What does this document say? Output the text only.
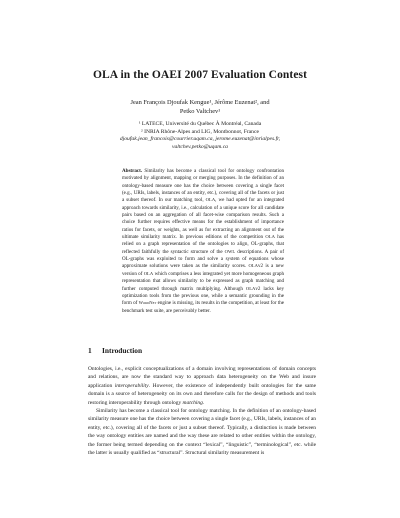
OLA in the OAEI 2007 Evaluation Contest
Jean François Djoufak Kengue¹, Jérôme Euzenat², and
Petko Valtchev¹
¹ LATECE, Université du Québec À Montréal, Canada
² INRIA Rhône-Alpes and LIG, Montbonnot, France
djoufak.jean_francois@courrier.uqam.ca, jerome.euzenat@inrialpes.fr,
valtchev.petko@uqam.ca
Abstract. Similarity has become a classical tool for ontology confrontation motivated by alignment, mapping or merging purposes. In the definition of an ontology-based measure one has the choice between covering a single facet (e.g., URIs, labels, instances of an entity, etc.), covering all of the facets or just a subset thereof. In our matching tool, OLA, we had opted for an integrated approach towards similarity, i.e., calculation of a unique score for all candidate pairs based on an aggregation of all facet-wise comparison results. Such a choice further requires effective means for the establishment of importance ratios for facets, or weights, as well as for extracting an alignment out of the ultimate similarity matrix. In previous editions of the competition OLA has relied on a graph representation of the ontologies to align, OL-graphs, that reflected faithfully the syntactic structure of the OWL descriptions. A pair of OL-graphs was exploited to form and solve a system of equations whose approximate solutions were taken as the similarity scores. OLAv2 is a new version of OLA which comprises a less integrated yet more homogeneous graph representation that allows similarity to be expressed as graph matching and further computed through matrix multiplying. Although OLAv2 lacks key optimization tools from the previous one, while a semantic grounding in the form of WordNet engine is missing, its results in the competition, at least for the benchmark test suite, are perceivably better.
1 Introduction

Ontologies, i.e., explicit conceptualizations of a domain involving representations of domain concepts and relations, are now the standard way to approach data heterogeneity on the Web and insure application interoperability. However, the existence of independently built ontologies for the same domain is a source of heterogeneity on its own and therefore calls for the design of methods and tools restoring interoperability through ontology matching.

Similarity has become a classical tool for ontology matching. In the definition of an ontology-based similarity measure one has the choice between covering a single facet (e.g., URIs, labels, instances of an entity, etc.), covering all of the facets or just a subset thereof. Typically, a distinction is made between the way ontology entities are named and the way these are related to other entities within the ontology, the former being termed depending on the context “lexical”, “linguistic”, “terminological”, etc. while the latter is usually qualified as “structural”. Structural similarity measurement is
